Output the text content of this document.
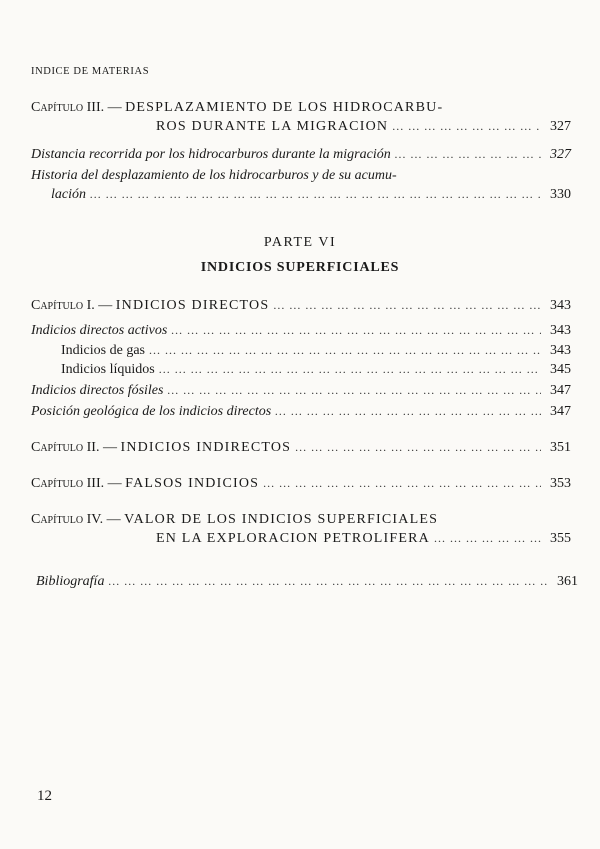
INDICE DE MATERIAS
Capítulo III. — DESPLAZAMIENTO DE LOS HIDROCARBU-
ROS DURANTE LA MIGRACION ... .	327
Distancia recorrida por los hidrocarburos durante la migración ... .	327
Historia del desplazamiento de los hidrocarburos y de su acumu-
lación ... .	330
PARTE VI
INDICIOS SUPERFICIALES
Capítulo I. — INDICIOS DIRECTOS ... .	343
Indicios directos activos ... .	343
Indicios de gas ... .	343
Indicios líquidos ... .	345
Indicios directos fósiles ... .	347
Posición geológica de los indicios directos ... .	347
Capítulo II. — INDICIOS INDIRECTOS ... .	351
Capítulo III. — FALSOS INDICIOS ... .	353
Capítulo IV. — VALOR DE LOS INDICIOS SUPERFICIALES
EN LA EXPLORACION PETROLIFERA ... .	355
Bibliografía ... .	361
12
